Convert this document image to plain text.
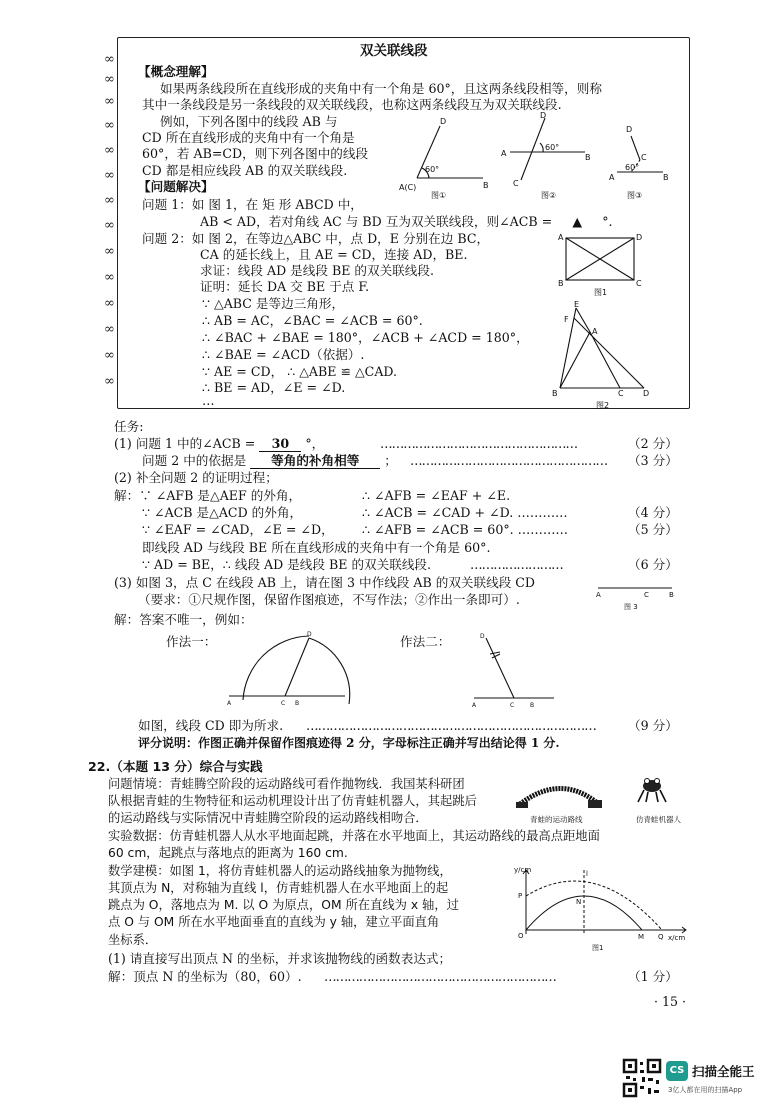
∞
∞
∞
∞
∞
∞
∞
∞
∞
∞
∞
∞
∞
∞
双关联线段
【概念理解】
如果两条线段所在直线形成的夹角中有一个角是 60°，且这两条线段相等，则称
其中一条线段是另一条线段的双关联线段，也称这两条线段互为双关联线段.
例如，下列各图中的线段 AB 与
CD 所在直线形成的夹角中有一个角是
60°，若 AB=CD，则下列各图中的线段
CD 都是相应线段 AB 的双关联线段.
【问题解决】	A(C)	B
D
60°
图①
A	B
D
C
60°
图②
D
C
A	B
60°
图③
问题 1：如 图 1，在 矩 形 ABCD 中，
AB < AD，若对角线 AC 与 BD 互为双关联线段，则∠ACB = ▲ °.
问题 2：如 图 2，在等边△ABC 中，点 D，E 分别在边 BC，
CA 的延长线上，且 AE = CD，连接 AD，BE.
求证：线段 AD 是线段 BE 的双关联线段.
证明：延长 DA 交 BE 于点 F.
∵ △ABC 是等边三角形，
∴ AB = AC，∠BAC = ∠ACB = 60°.
∴ ∠BAC + ∠BAE = 180°，∠ACB + ∠ACD = 180°，
∴ ∠BAE = ∠ACD（依据）.
∵ AE = CD， ∴ △ABE ≌ △CAD.
∴ BE = AD，∠E = ∠D.
…
A	D
B	C
图1
E
F
A
B	C D
图2
任务:
(1) 问题 1 中的∠ACB = 30 °，	……………………………………………	（2 分）
问题 2 中的依据是 等角的补角相等 ； …………………………………………… （3 分）
(2) 补全问题 2 的证明过程；
解：∵ ∠AFB 是△AEF 的外角，	∴ ∠AFB = ∠EAF + ∠E.
∵ ∠ACB 是△ACD 的外角，	∴ ∠ACB = ∠CAD + ∠D. …………	（4 分）
∵ ∠EAF = ∠CAD，∠E = ∠D， ∴ ∠AFB = ∠ACB = 60°. …………	（5 分）
即线段 AD 与线段 BE 所在直线形成的夹角中有一个角是 60°.
∵ AD = BE，∴ 线段 AD 是线段 BE 的双关联线段.	……………………	（6 分）
(3) 如图 3，点 C 在线段 AB 上，请在图 3 中作线段 AB 的双关联线段 CD
（要求：①尺规作图，保留作图痕迹，不写作法；②作出一条即可）.	A	C	B
图 3
解：答案不唯一，例如：
作法一：	作法二：
A	C B
D
A	C	B
D
如图，线段 CD 即为所求. …………………………………………………………………	（9 分）
评分说明：作图正确并保留作图痕迹得 2 分，字母标注正确并写出结论得 1 分.
22.（本题 13 分）综合与实践
问题情境：青蛙腾空阶段的运动路线可看作抛物线．我国某科研团
队根据青蛙的生物特征和运动机理设计出了仿青蛙机器人，其起跳后
的运动路线与实际情况中青蛙腾空阶段的运动路线相吻合．
实验数据：仿青蛙机器人从水平地面起跳，并落在水平地面上，其运动路线的最高点距地面
60 cm，起跳点与落地点的距离为 160 cm.
数学建模：如图 1，将仿青蛙机器人的运动路线抽象为抛物线，
其顶点为 N，对称轴为直线 l，仿青蛙机器人在水平地面上的起
跳点为 O，落地点为 M. 以 O 为原点，OM 所在直线为 x 轴，过
点 O 与 OM 所在水平地面垂直的直线为 y 轴，建立平面直角
坐标系．
(1) 请直接写出顶点 N 的坐标，并求该抛物线的函数表达式；
解：顶点 N 的坐标为（80，60）. ……………………………………………………	（1 分）
青蛙的运动路线	仿青蛙机器人
y/cm
x/cm
O	M Q
N
P
l
图1
· 15 ·
CS 扫描全能王
3亿人都在用的扫描App
